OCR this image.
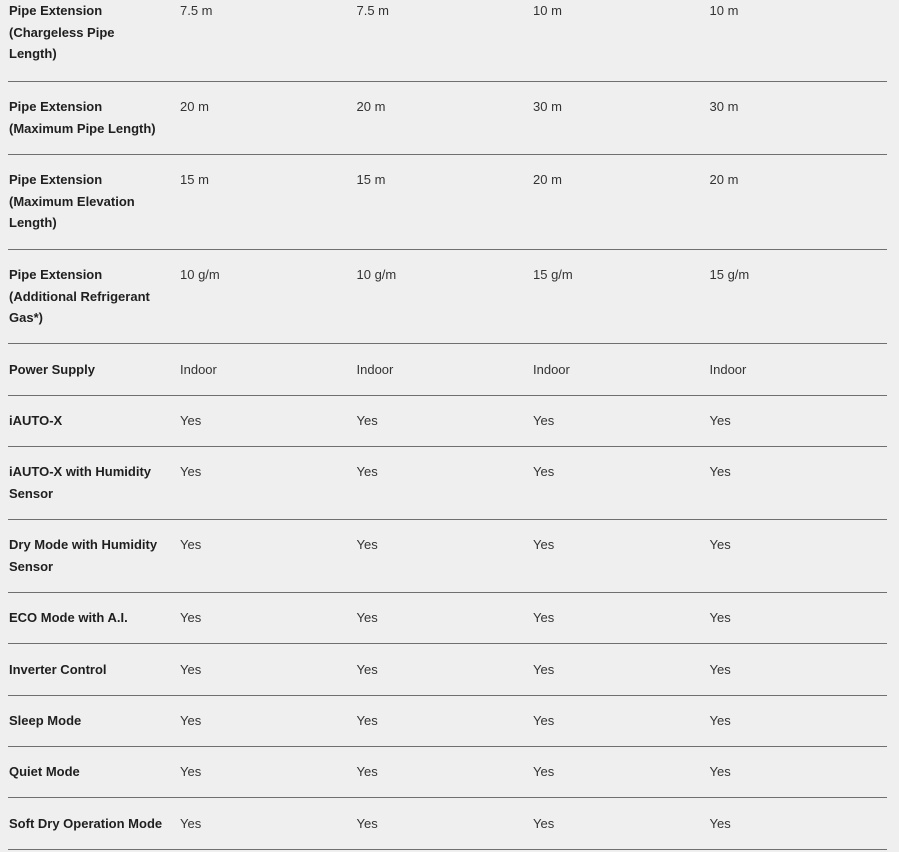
Pipe Extension
(Chargeless Pipe
Length)
7.5 m	7.5 m	10 m	10 m
Pipe Extension
(Maximum Pipe Length)
20 m	20 m	30 m	30 m
Pipe Extension
(Maximum Elevation
Length)
15 m	15 m	20 m	20 m
Pipe Extension
(Additional Refrigerant
Gas*)
10 g/m	10 g/m	15 g/m	15 g/m
Power Supply	Indoor	Indoor	Indoor	Indoor
iAUTO-X	Yes	Yes	Yes	Yes
iAUTO-X with Humidity
Sensor
Yes	Yes	Yes	Yes
Dry Mode with Humidity
Sensor
Yes	Yes	Yes	Yes
ECO Mode with A.I.	Yes	Yes	Yes	Yes
Inverter Control	Yes	Yes	Yes	Yes
Sleep Mode	Yes	Yes	Yes	Yes
Quiet Mode	Yes	Yes	Yes	Yes
Soft Dry Operation Mode	Yes	Yes	Yes	Yes
